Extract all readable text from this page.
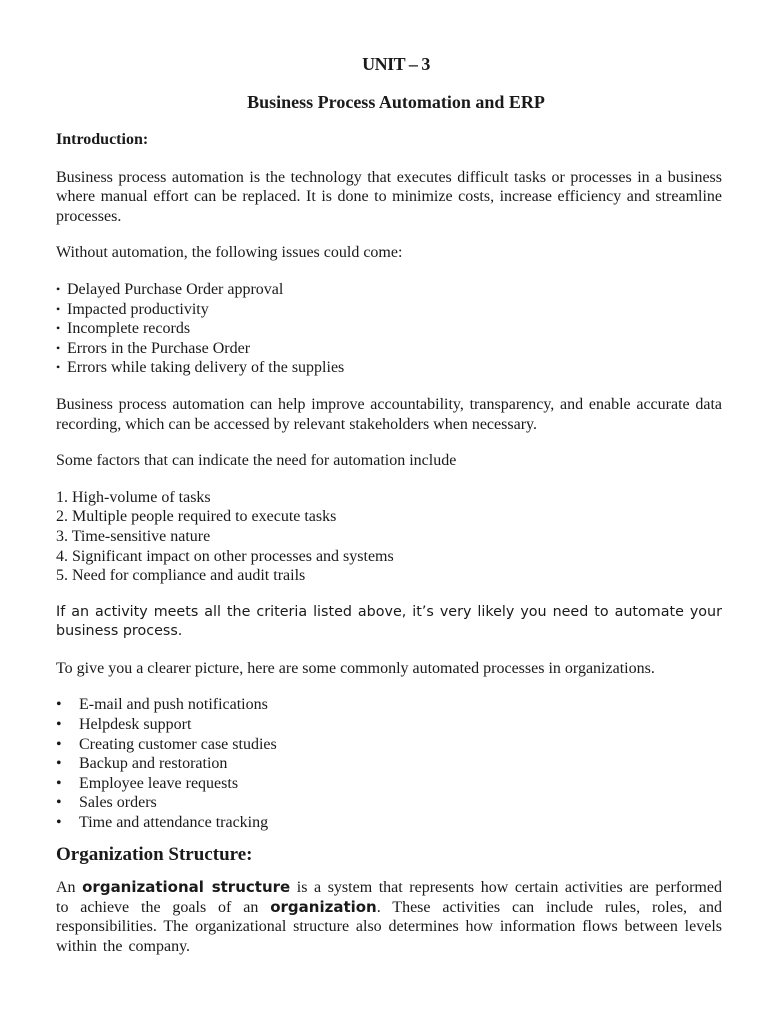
UNIT – 3
Business Process Automation and ERP
Introduction:

Business process automation is the technology that executes difficult tasks or processes in a business where manual effort can be replaced. It is done to minimize costs, increase efficiency and streamline processes.

Without automation, the following issues could come:

• Delayed Purchase Order approval
• Impacted productivity
• Incomplete records
• Errors in the Purchase Order
• Errors while taking delivery of the supplies

Business process automation can help improve accountability, transparency, and enable accurate data recording, which can be accessed by relevant stakeholders when necessary.

Some factors that can indicate the need for automation include

1. High-volume of tasks
2. Multiple people required to execute tasks
3. Time-sensitive nature
4. Significant impact on other processes and systems
5. Need for compliance and audit trails

If an activity meets all the criteria listed above, it’s very likely you need to automate your business process.

To give you a clearer picture, here are some commonly automated processes in organizations.

• E-mail and push notifications
• Helpdesk support
• Creating customer case studies
• Backup and restoration
• Employee leave requests
• Sales orders
• Time and attendance tracking
Organization Structure:

An organizational structure is a system that represents how certain activities are performed to achieve the goals of an organization. These activities can include rules, roles, and responsibilities. The organizational structure also determines how information flows between levels within the company.
